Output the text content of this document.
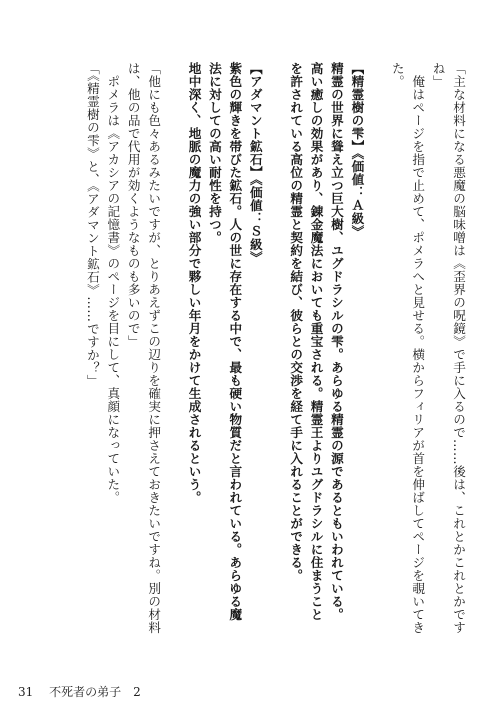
「主な材料になる悪魔の脳味噌は《歪界の呪鏡》で手に入るので……後は、これとかこれとかです
ね」
　俺はページを指で止めて、ポメラへと見せる。横からフィリアが首を伸ばしてページを覗いてき
た。
【精霊樹の雫】《価値：Ａ級》
精霊の世界に聳え立つ巨大樹、ユグドラシルの雫。あらゆる精霊の源であるともいわれている。
高い癒しの効果があり、錬金魔法においても重宝される。精霊王よりユグドラシルに住まうこと
を許されている高位の精霊と契約を結び、彼らとの交渉を経て手に入れることができる。
【アダマント鉱石】《価値：Ｓ級》
紫色の輝きを帯びた鉱石。人の世に存在する中で、最も硬い物質だと言われている。あらゆる魔
法に対しての高い耐性を持つ。
地中深く、地脈の魔力の強い部分で夥しい年月をかけて生成されるという。
「他にも色々あるみたいですが、とりあえずこの辺りを確実に押さえておきたいですね。別の材料
は、他の品で代用が効くようなものも多いので」
　ポメラは《アカシアの記憶書》のページを目にして、真顔になっていた。
「《精霊樹の雫》と、《アダマント鉱石》……ですか？」
31 不死者の弟子　2
